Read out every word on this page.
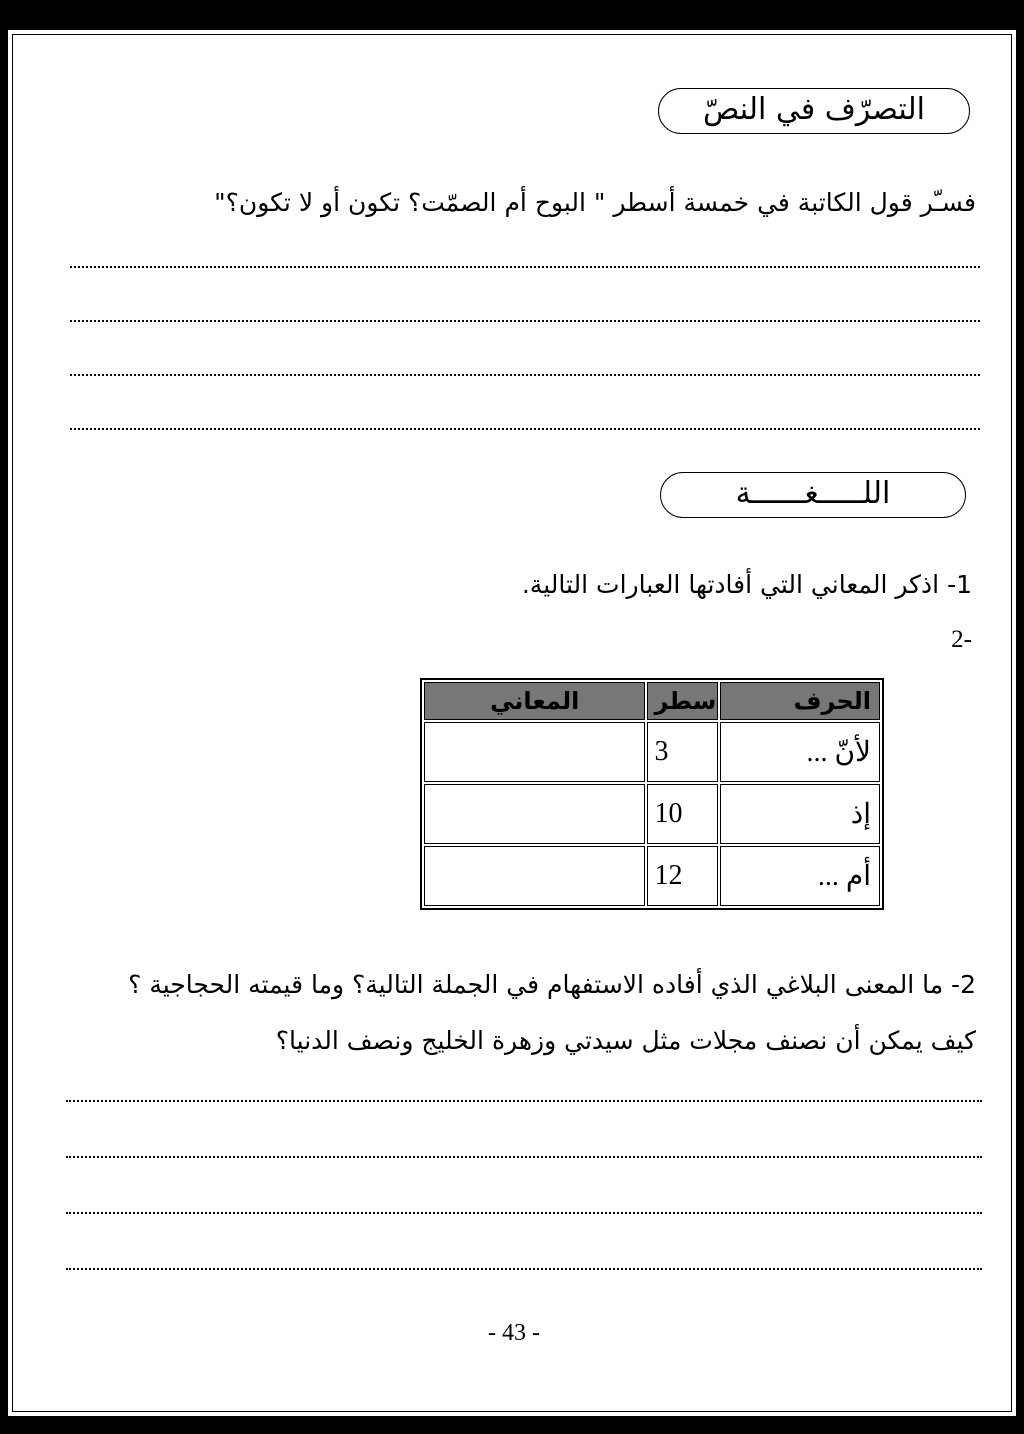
التصرّف في النصّ
فسـّر قول الكاتبة في خمسة أسطر " البوح أم الصمّت؟ تكون أو لا تكون؟"
اللـــــغــــــة
1- اذكر المعاني التي أفادتها العبارات التالية.
2-
الحرف	سطر	المعاني
لأنّ ...	3	
إذ	10	
أم ...	12	
2- ما المعنى البلاغي الذي أفاده الاستفهام في الجملة التالية؟ وما قيمته الحجاجية ؟
كيف يمكن أن نصنف مجلات مثل سيدتي وزهرة الخليج ونصف الدنيا؟
- 43 -
